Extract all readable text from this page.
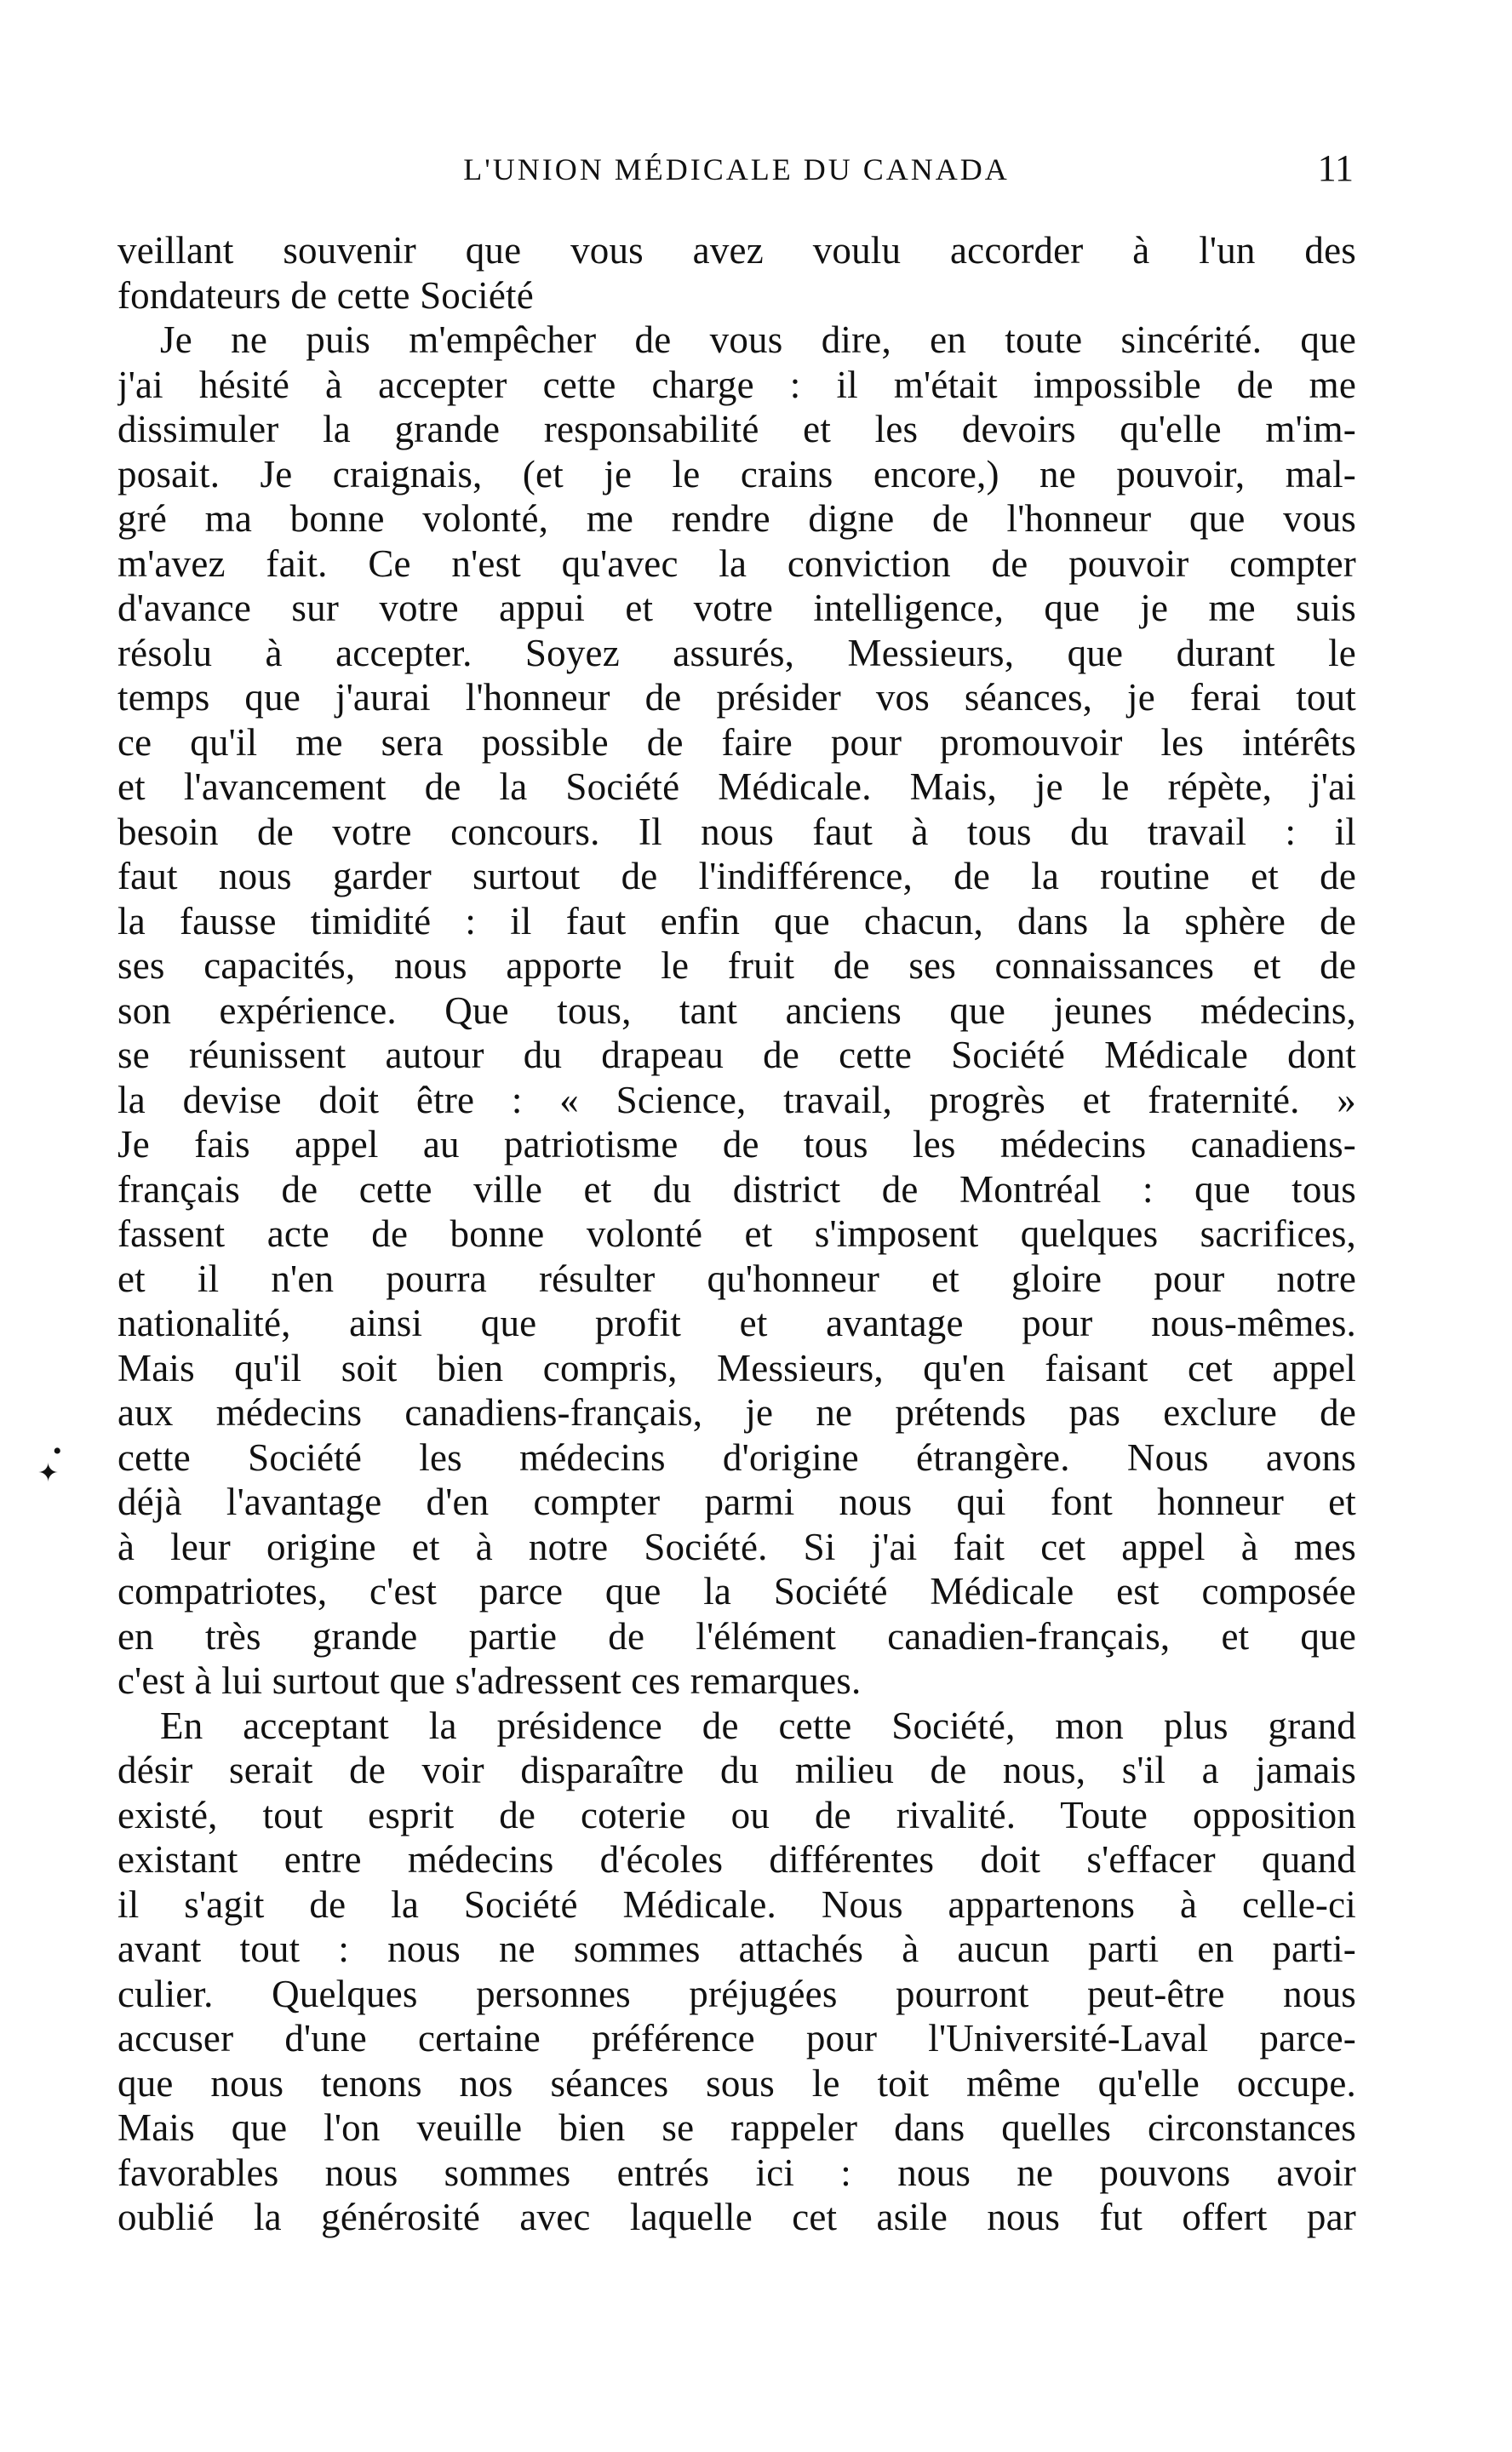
L'UNION MÉDICALE DU CANADA	11
•
✦
veillant souvenir que vous avez voulu accorder à l'un des
fondateurs de cette Société
Je ne puis m'empêcher de vous dire, en toute sincérité. que
j'ai hésité à accepter cette charge : il m'était impossible de me
dissimuler la grande responsabilité et les devoirs qu'elle m'im-
posait. Je craignais, (et je le crains encore,) ne pouvoir, mal-
gré ma bonne volonté, me rendre digne de l'honneur que vous
m'avez fait. Ce n'est qu'avec la conviction de pouvoir compter
d'avance sur votre appui et votre intelligence, que je me suis
résolu à accepter. Soyez assurés, Messieurs, que durant le
temps que j'aurai l'honneur de présider vos séances, je ferai tout
ce qu'il me sera possible de faire pour promouvoir les intérêts
et l'avancement de la Société Médicale. Mais, je le répète, j'ai
besoin de votre concours. Il nous faut à tous du travail : il
faut nous garder surtout de l'indifférence, de la routine et de
la fausse timidité : il faut enfin que chacun, dans la sphère de
ses capacités, nous apporte le fruit de ses connaissances et de
son expérience. Que tous, tant anciens que jeunes médecins,
se réunissent autour du drapeau de cette Société Médicale dont
la devise doit être : « Science, travail, progrès et fraternité. »
Je fais appel au patriotisme de tous les médecins canadiens-
français de cette ville et du district de Montréal : que tous
fassent acte de bonne volonté et s'imposent quelques sacrifices,
et il n'en pourra résulter qu'honneur et gloire pour notre
nationalité, ainsi que profit et avantage pour nous-mêmes.
Mais qu'il soit bien compris, Messieurs, qu'en faisant cet appel
aux médecins canadiens-français, je ne prétends pas exclure de
cette Société les médecins d'origine étrangère. Nous avons
déjà l'avantage d'en compter parmi nous qui font honneur et
à leur origine et à notre Société. Si j'ai fait cet appel à mes
compatriotes, c'est parce que la Société Médicale est composée
en très grande partie de l'élément canadien-français, et que
c'est à lui surtout que s'adressent ces remarques.
En acceptant la présidence de cette Société, mon plus grand
désir serait de voir disparaître du milieu de nous, s'il a jamais
existé, tout esprit de coterie ou de rivalité. Toute opposition
existant entre médecins d'écoles différentes doit s'effacer quand
il s'agit de la Société Médicale. Nous appartenons à celle-ci
avant tout : nous ne sommes attachés à aucun parti en parti-
culier. Quelques personnes préjugées pourront peut-être nous
accuser d'une certaine préférence pour l'Université-Laval parce-
que nous tenons nos séances sous le toit même qu'elle occupe.
Mais que l'on veuille bien se rappeler dans quelles circonstances
favorables nous sommes entrés ici : nous ne pouvons avoir
oublié la générosité avec laquelle cet asile nous fut offert par
